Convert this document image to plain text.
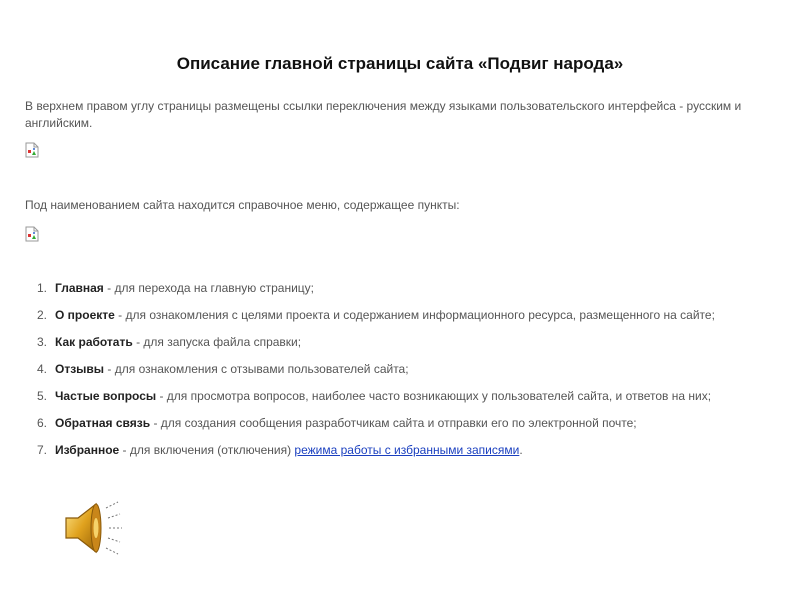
Описание главной страницы сайта «Подвиг народа»
В верхнем правом углу страницы размещены ссылки переключения между языками пользовательского интерфейса - русским и английским.
Под наименованием сайта находится справочное меню, содержащее пункты:
1. Главная - для перехода на главную страницу;
2. О проекте - для ознакомления с целями проекта и содержанием информационного ресурса, размещенного на сайте;
3. Как работать - для запуска файла справки;
4. Отзывы - для ознакомления с отзывами пользователей сайта;
5. Частые вопросы - для просмотра вопросов, наиболее часто возникающих у пользователей сайта, и ответов на них;
6. Обратная связь - для создания сообщения разработчикам сайта и отправки его по электронной почте;
7. Избранное - для включения (отключения) режима работы с избранными записями.
